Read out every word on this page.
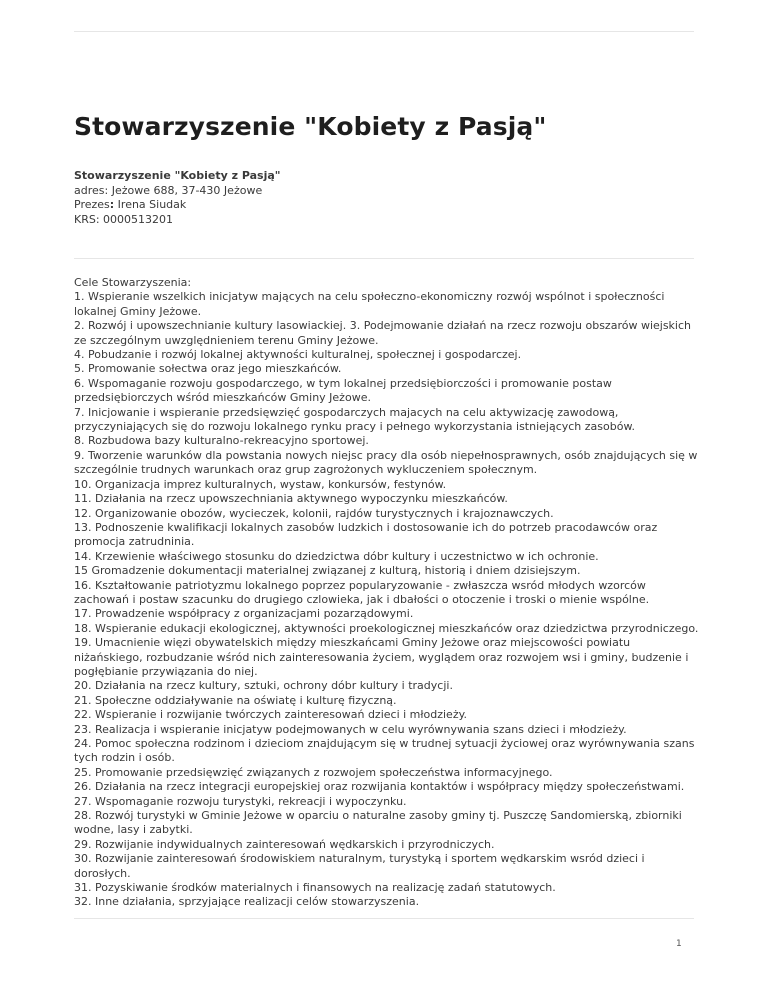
Stowarzyszenie "Kobiety z Pasją"
Stowarzyszenie "Kobiety z Pasją"
adres: Jeżowe 688, 37-430 Jeżowe
Prezes: Irena Siudak
KRS: 0000513201
Cele Stowarzyszenia:
1. Wspieranie wszelkich inicjatyw mających na celu społeczno-ekonomiczny rozwój wspólnot i społeczności lokalnej Gminy Jeżowe.
2. Rozwój i upowszechnianie kultury lasowiackiej. 3. Podejmowanie działań na rzecz rozwoju obszarów wiejskich ze szczególnym uwzględnieniem terenu Gminy Jeżowe.
4. Pobudzanie i rozwój lokalnej aktywności kulturalnej, społecznej i gospodarczej.
5. Promowanie sołectwa oraz jego mieszkańców.
6. Wspomaganie rozwoju gospodarczego, w tym lokalnej przedsiębiorczości i promowanie postaw przedsiębiorczych wśród mieszkańców Gminy Jeżowe.
7. Inicjowanie i wspieranie przedsięwzięć gospodarczych majacych na celu aktywizację zawodową, przyczyniających się do rozwoju lokalnego rynku pracy i pełnego wykorzystania istniejących zasobów.
8. Rozbudowa bazy kulturalno-rekreacyjno sportowej.
9. Tworzenie warunków dla powstania nowych niejsc pracy dla osób niepełnosprawnych, osób znajdujących się w szczególnie trudnych warunkach oraz grup zagrożonych wykluczeniem społecznym.
10. Organizacja imprez kulturalnych, wystaw, konkursów, festynów.
11. Działania na rzecz upowszechniania aktywnego wypoczynku mieszkańców.
12. Organizowanie obozów, wycieczek, kolonii, rajdów turystycznych i krajoznawczych.
13. Podnoszenie kwalifikacji lokalnych zasobów ludzkich i dostosowanie ich do potrzeb pracodawców oraz promocja zatrudninia.
14. Krzewienie właściwego stosunku do dziedzictwa dóbr kultury i uczestnictwo w ich ochronie.
15 Gromadzenie dokumentacji materialnej związanej z kulturą, historią i dniem dzisiejszym.
16. Kształtowanie patriotyzmu lokalnego poprzez popularyzowanie - zwłaszcza wsród młodych wzorców zachowań i postaw szacunku do drugiego czlowieka, jak i dbałości o otoczenie i troski o mienie wspólne.
17. Prowadzenie współpracy z organizacjami pozarządowymi.
18. Wspieranie edukacji ekologicznej, aktywności proekologicznej mieszkańców oraz dziedzictwa przyrodniczego.
19. Umacnienie więzi obywatelskich między mieszkańcami Gminy Jeżowe oraz miejscowości powiatu niżańskiego, rozbudzanie wśród nich zainteresowania życiem, wyglądem oraz rozwojem wsi i gminy, budzenie i pogłębianie przywiązania do niej.
20. Działania na rzecz kultury, sztuki, ochrony dóbr kultury i tradycji.
21. Społeczne oddziaływanie na oświatę i kulturę fizyczną.
22. Wspieranie i rozwijanie twórczych zainteresowań dzieci i młodzieży.
23. Realizacja i wspieranie inicjatyw podejmowanych w celu wyrównywania szans dzieci i młodzieży.
24. Pomoc społeczna rodzinom i dzieciom znajdującym się w trudnej sytuacji życiowej oraz wyrównywania szans tych rodzin i osób.
25. Promowanie przedsięwzięć związanych z rozwojem społeczeństwa informacyjnego.
26. Działania na rzecz integracji europejskiej oraz rozwijania kontaktów i współpracy między społeczeństwami.
27. Wspomaganie rozwoju turystyki, rekreacji i wypoczynku.
28. Rozwój turystyki w Gminie Jeżowe w oparciu o naturalne zasoby gminy tj. Puszczę Sandomierską, zbiorniki wodne, lasy i zabytki.
29. Rozwijanie indywidualnych zainteresowań wędkarskich i przyrodniczych.
30. Rozwijanie zainteresowań środowiskiem naturalnym, turystyką i sportem wędkarskim wsród dzieci i dorosłych.
31. Pozyskiwanie środków materialnych i finansowych na realizację zadań statutowych.
32. Inne działania, sprzyjające realizacji celów stowarzyszenia.
1
